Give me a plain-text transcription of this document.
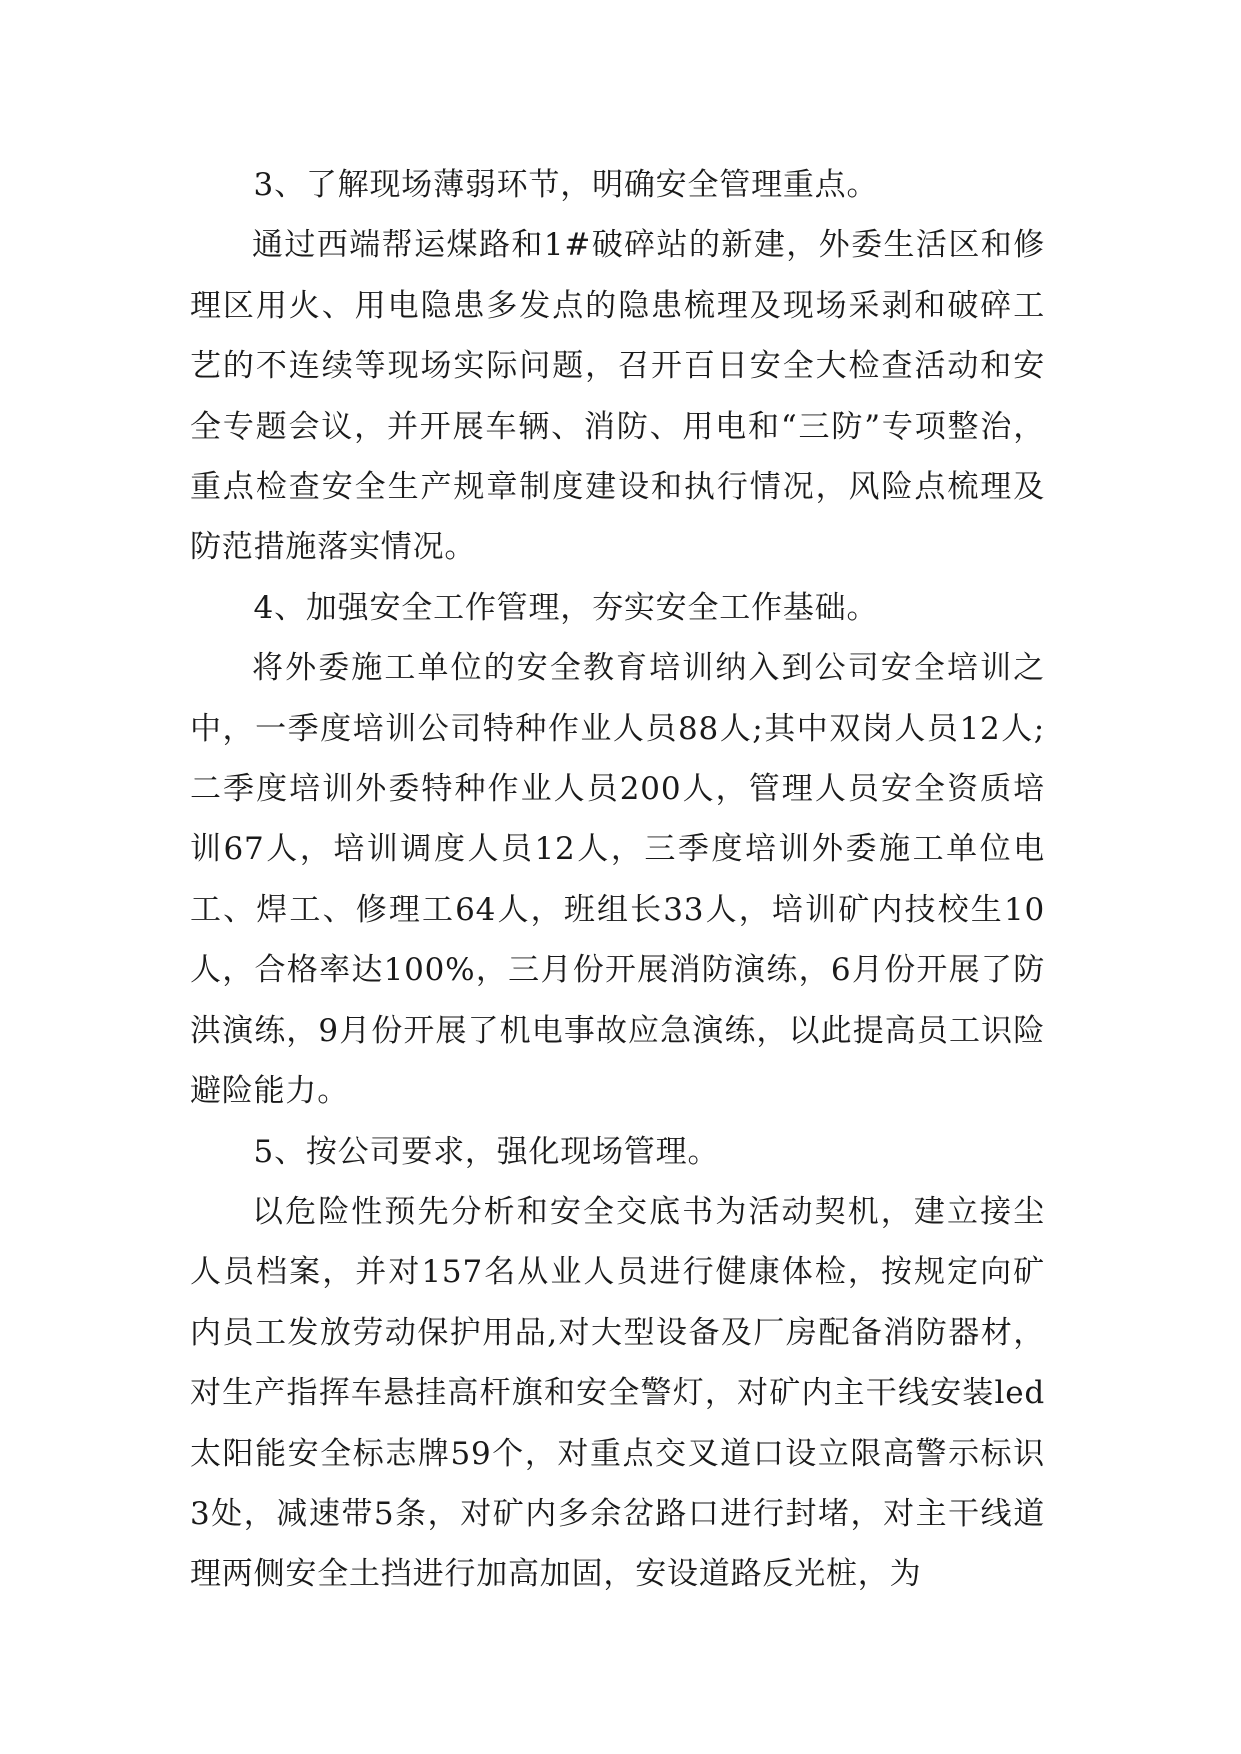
3、了解现场薄弱环节，明确安全管理重点。

通过西端帮运煤路和1#破碎站的新建，外委生活区和修理区用火、用电隐患多发点的隐患梳理及现场采剥和破碎工艺的不连续等现场实际问题，召开百日安全大检查活动和安全专题会议，并开展车辆、消防、用电和“三防”专项整治，重点检查安全生产规章制度建设和执行情况，风险点梳理及防范措施落实情况。

4、加强安全工作管理，夯实安全工作基础。

将外委施工单位的安全教育培训纳入到公司安全培训之中，一季度培训公司特种作业人员88人;其中双岗人员12人;二季度培训外委特种作业人员200人，管理人员安全资质培训67人，培训调度人员12人，三季度培训外委施工单位电工、焊工、修理工64人，班组长33人，培训矿内技校生10人，合格率达100%，三月份开展消防演练，6月份开展了防洪演练，9月份开展了机电事故应急演练，以此提高员工识险避险能力。

5、按公司要求，强化现场管理。

以危险性预先分析和安全交底书为活动契机，建立接尘人员档案，并对157名从业人员进行健康体检，按规定向矿内员工发放劳动保护用品,对大型设备及厂房配备消防器材，对生产指挥车悬挂高杆旗和安全警灯，对矿内主干线安装led太阳能安全标志牌59个，对重点交叉道口设立限高警示标识3处，减速带5条，对矿内多余岔路口进行封堵，对主干线道理两侧安全土挡进行加高加固，安设道路反光桩，为
